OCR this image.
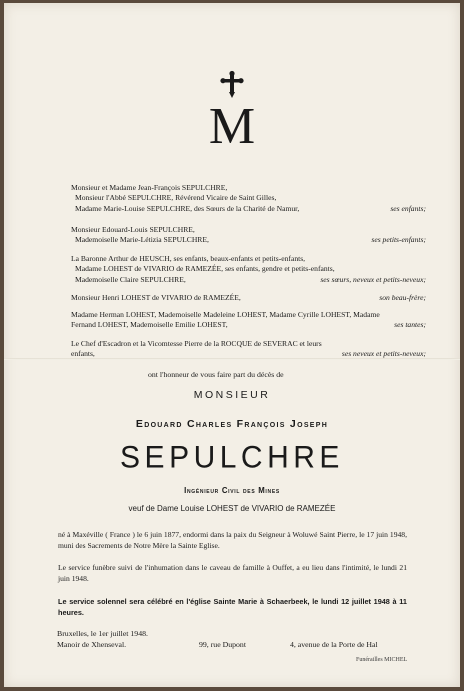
M
Monsieur et Madame Jean-François SEPULCHRE,
Monsieur l'Abbé SEPULCHRE, Révérend Vicaire de Saint Gilles,
Madame Marie-Louise SEPULCHRE, des Sœurs de la Charité de Namur,	ses enfants;
Monsieur Edouard-Louis SEPULCHRE,
Mademoiselle Marie-Létizia SEPULCHRE,	ses petits-enfants;
La Baronne Arthur de HEUSCH, ses enfants, beaux-enfants et petits-enfants,
Madame LOHEST de VIVARIO de RAMEZÉE, ses enfants, gendre et petits-enfants,
Mademoiselle Claire SEPULCHRE,	ses sœurs, neveux et petits-neveux;
Monsieur Henri LOHEST de VIVARIO de RAMEZÉE,	son beau-frère;
Madame Herman LOHEST, Mademoiselle Madeleine LOHEST, Madame Cyrille LOHEST, Madame
Fernand LOHEST, Mademoiselle Emilie LOHEST,	ses tantes;
Le Chef d'Escadron et la Vicomtesse Pierre de la ROCQUE de SEVERAC et leurs
enfants,	ses neveux et petits-neveux;
ont l'honneur de vous faire part du décès de
MONSIEUR
Edouard Charles François Joseph
SEPULCHRE
Ingénieur Civil des Mines
veuf de Dame Louise LOHEST de VIVARIO de RAMEZÉE
né à Maxéville ( France ) le 6 juin 1877, endormi dans la paix du Seigneur à Woluwé Saint Pierre, le 17 juin 1948, muni des Sacrements de Notre Mère la Sainte Eglise.
Le service funèbre suivi de l'inhumation dans le caveau de famille à Ouffet, a eu lieu dans l'intimité, le lundi 21 juin 1948.
Le service solennel sera célébré en l'église Sainte Marie à Schaerbeek, le lundi 12 juillet 1948 à 11 heures.
Bruxelles, le 1er juillet 1948.
Manoir de Xhenseval.	99, rue Dupont	4, avenue de la Porte de Hal
Funérailles MICHEL
